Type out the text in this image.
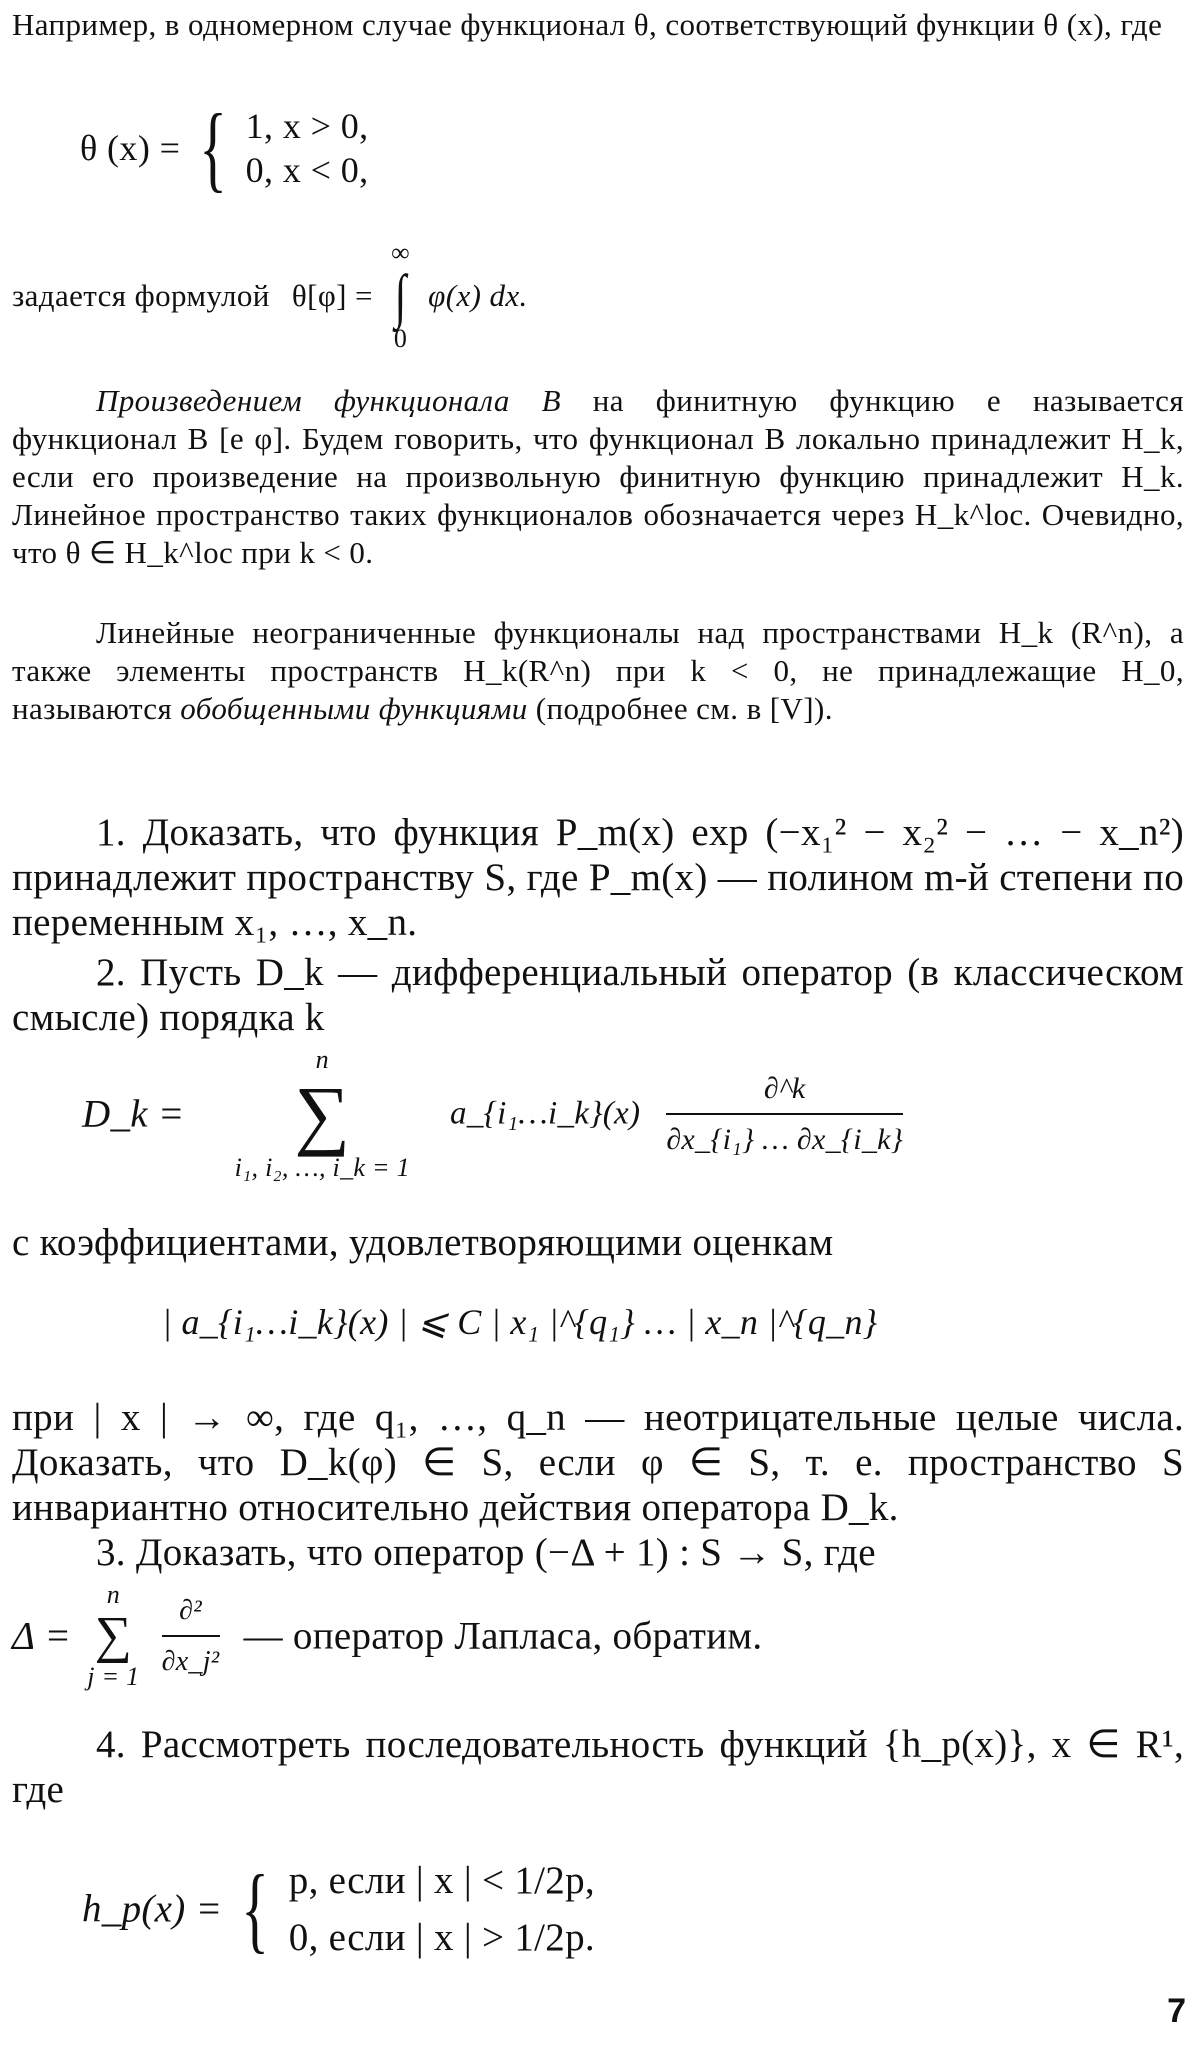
Например, в одномерном случае функционал θ, соответствующий функции θ (x), где

θ (x) = { 1, x > 0,
0, x < 0,
задается формулой θ[φ] =
∞
∫
0
φ(x) dx.

Произведением функционала B на финитную функцию e называется функционал B [e φ]. Будем говорить, что функционал B локально принадлежит H_k, если его произведение на произвольную финитную функцию принадлежит H_k. Линейное пространство таких функционалов обозначается через H_k^loc. Очевидно, что θ ∈ H_k^loc при k < 0.

Линейные неограниченные функционалы над пространствами H_k (R^n), а также элементы пространств H_k(R^n) при k < 0, не принадлежащие H_0, называются обобщенными функциями (подробнее см. в [V]).

1. Доказать, что функция P_m(x) exp (−x₁² − x₂² − … − x_n²) принадлежит пространству S, где P_m(x) — полином m-й степени по переменным x₁, …, x_n.

2. Пусть D_k — дифференциальный оператор (в классическом смысле) порядка k

D_k =
n
∑
i₁, i₂, …, i_k = 1
a_{i₁…i_k}(x) $\frac{\partial\^{}k}{\text{∂x\_\{i₁\} … ∂x\_\{i\_k\}}}$

с коэффициентами, удовлетворяющими оценкам

| a_{i₁…i_k}(x) | ⩽ C | x₁ |^{q₁} … | x_n |^{q_n}

при | x | → ∞, где q₁, …, q_n — неотрицательные целые числа. Доказать, что D_k(φ) ∈ S, если φ ∈ S, т. е. пространство S инвариантно относительно действия оператора D_k.

3. Доказать, что оператор (−Δ + 1) : S → S, где

Δ =
n
∑
j = 1
$\frac{\text{∂²}}{\text{∂x\_j²}}$ — оператор Лапласа, обратим.

4. Рассмотреть последовательность функций {h_p(x)}, x ∈ R¹, где

h_p(x) = { p, если | x | < 1/2p,
0, если | x | > 1/2p.
7
